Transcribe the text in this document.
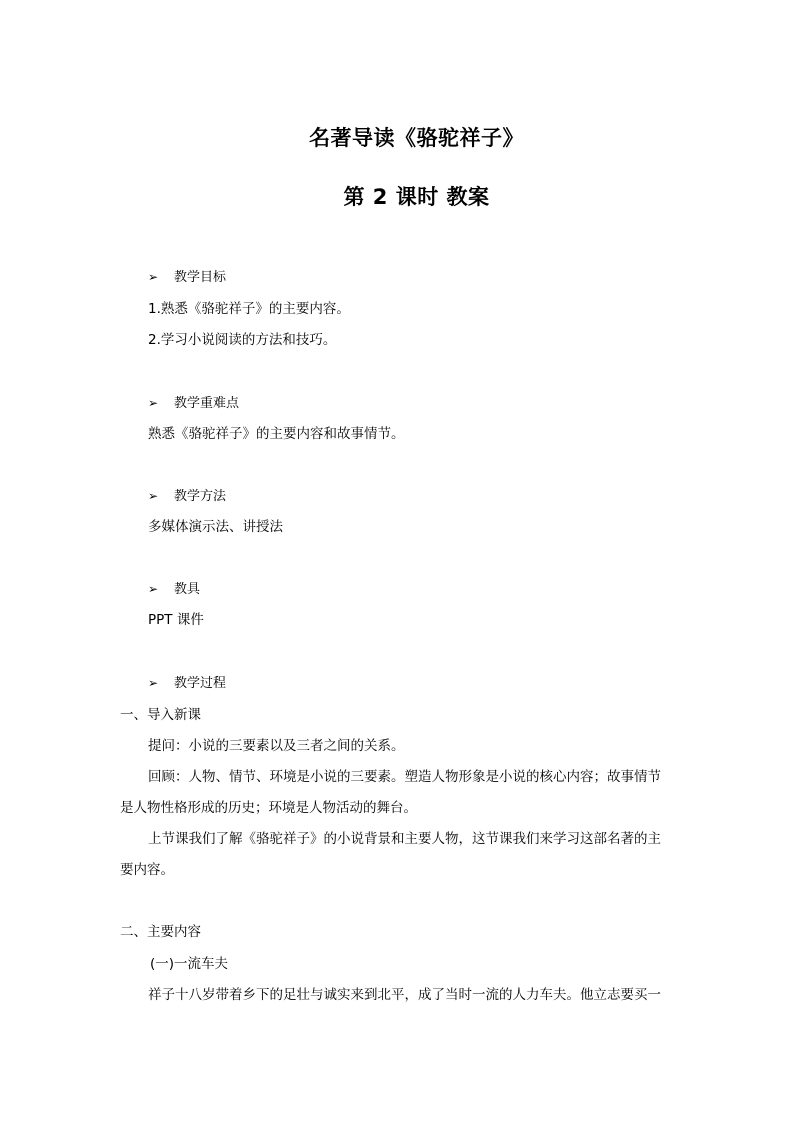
名著导读《骆驼祥子》
第 2 课时 教案
➢ 教学目标
1.熟悉《骆驼祥子》的主要内容。
2.学习小说阅读的方法和技巧。
➢ 教学重难点
熟悉《骆驼祥子》的主要内容和故事情节。
➢ 教学方法
多媒体演示法、讲授法
➢ 教具
PPT 课件
➢ 教学过程
一、导入新课
提问：小说的三要素以及三者之间的关系。
回顾：人物、情节、环境是小说的三要素。塑造人物形象是小说的核心内容；故事情节
是人物性格形成的历史；环境是人物活动的舞台。
上节课我们了解《骆驼祥子》的小说背景和主要人物，这节课我们来学习这部名著的主
要内容。
二、主要内容
(一)一流车夫
祥子十八岁带着乡下的足壮与诚实来到北平，成了当时一流的人力车夫。他立志要买一
